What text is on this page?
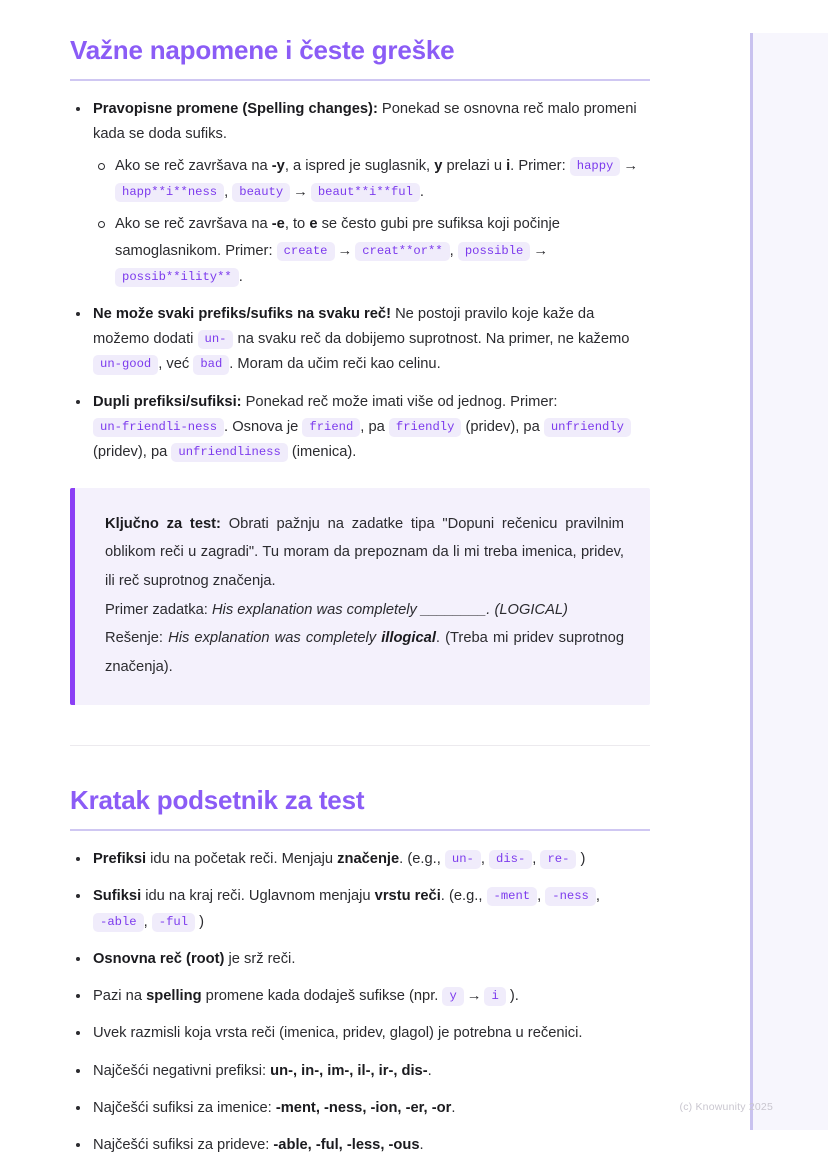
Važne napomene i česte greške
Pravopisne promene (Spelling changes): Ponekad se osnovna reč malo promeni kada se doda sufiks.
Ako se reč završava na -y, a ispred je suglasnik, y prelazi u i. Primer: happy →happ**i**ness , beauty → beaut**i**ful .
Ako se reč završava na -e, to e se često gubi pre sufiksa koji počinje samoglasnikom. Primer: create → creat**or** , possible →possib**ility** .
Ne može svaki prefiks/sufiks na svaku reč! Ne postoji pravilo koje kaže da možemo dodati un- na svaku reč da dobijemo suprotnost. Na primer, ne kažemo un-good , već bad . Moram da učim reči kao celinu.
Dupli prefiksi/sufiksi: Ponekad reč može imati više od jednog. Primer: un-friendli-ness . Osnova je friend , pa friendly (pridev), pa unfriendly (pridev), pa unfriendliness (imenica).
Ključno za test: Obrati pažnju na zadatke tipa "Dopuni rečenicu pravilnim oblikom reči u zagradi". Tu moram da prepoznam da li mi treba imenica, pridev, ili reč suprotnog značenja.
Primer zadatka: His explanation was completely ________. (LOGICAL)
Rešenje: His explanation was completely illogical. (Treba mi pridev suprotnog značenja).
Kratak podsetnik za test
Prefiksi idu na početak reči. Menjaju značenje. (e.g., un- , dis- , re- )
Sufiksi idu na kraj reči. Uglavnom menjaju vrstu reči. (e.g., -ment , -ness , -able , -ful )
Osnovna reč (root) je srž reči.
Pazi na spelling promene kada dodaješ sufikse (npr. y → i ).
Uvek razmisli koja vrsta reči (imenica, pridev, glagol) je potrebna u rečenici.
Najčešći negativni prefiksi: un-, in-, im-, il-, ir-, dis-.
Najčešći sufiksi za imenice: -ment, -ness, -ion, -er, -or.
Najčešći sufiksi za prideve: -able, -ful, -less, -ous.
(c) Knowunity 2025
